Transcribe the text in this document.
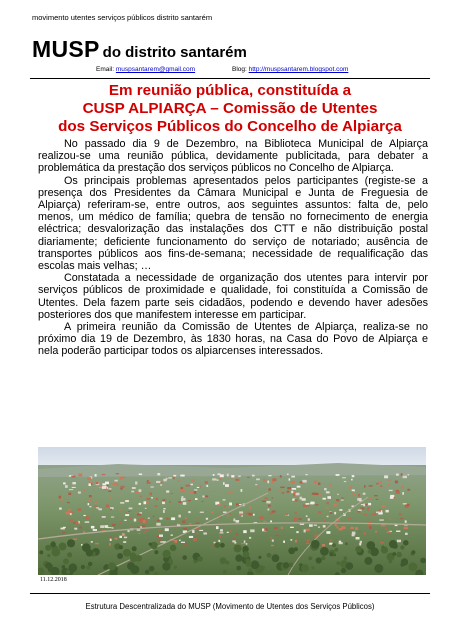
movimento utentes serviços públicos distrito santarém
MUSP do distrito santarém
Email: muspsantarem@gmail.com	Blog: http://muspsantarem.blogspot.com
Em reunião pública, constituída a
CUSP ALPIARÇA – Comissão de Utentes
dos Serviços Públicos do Concelho de Alpiarça

No passado dia 9 de Dezembro, na Biblioteca Municipal de Alpiarça realizou-se uma reunião pública, devidamente publicitada, para debater a problemática da prestação dos serviços públicos no Concelho de Alpiarça.

Os principais problemas apresentados pelos participantes (registe-se a presença dos Presidentes da Câmara Municipal e Junta de Freguesia de Alpiarça) referiram-se, entre outros, aos seguintes assuntos: falta de, pelo menos, um médico de família; quebra de tensão no fornecimento de energia eléctrica; desvalorização das instalações dos CTT e não distribuição postal diariamente; deficiente funcionamento do serviço de notariado; ausência de transportes públicos aos fins-de-semana; necessidade de requalificação das escolas mais velhas; …

Constatada a necessidade de organização dos utentes para intervir por serviços públicos de proximidade e qualidade, foi constituída a Comissão de Utentes. Dela fazem parte seis cidadãos, podendo e devendo haver adesões posteriores dos que manifestem interesse em participar.

A primeira reunião da Comissão de Utentes de Alpiarça, realiza-se no próximo dia 19 de Dezembro, às 1830 horas, na Casa do Povo de Alpiarça e nela poderão participar todos os alpiarcenses interessados.

11.12.2018
Estrutura Descentralizada do MUSP (Movimento de Utentes dos Serviços Públicos)
